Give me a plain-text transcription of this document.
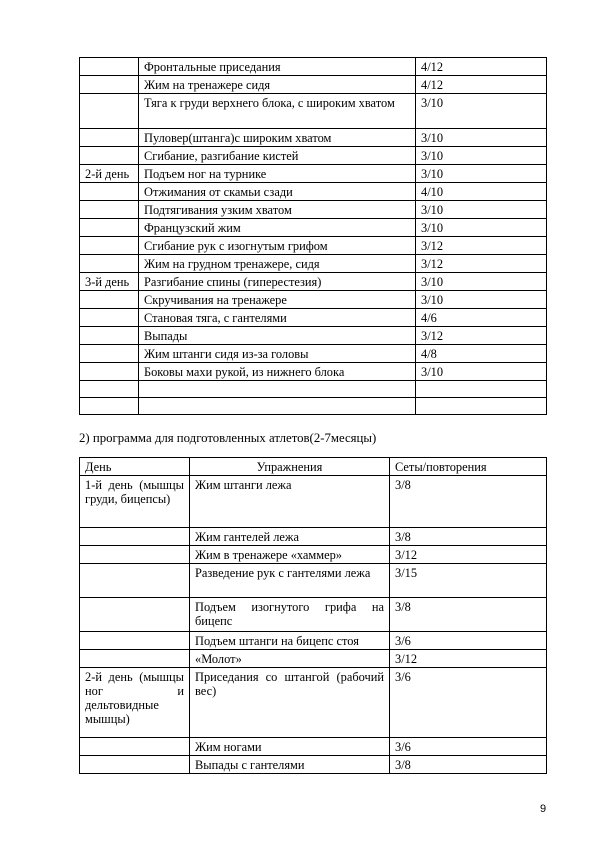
	Фронтальные приседания	4/12
	Жим на тренажере сидя	4/12
	Тяга к груди верхнего блока, с широким хватом	3/10
	Пуловер(штанга)с широким хватом	3/10
	Сгибание, разгибание кистей	3/10
2-й день	Подъем ног на турнике	3/10
	Отжимания от скамьи сзади	4/10
	Подтягивания узким хватом	3/10
	Французский жим	3/10
	Сгибание рук с изогнутым грифом	3/12
	Жим на грудном тренажере, сидя	3/12
3-й день	Разгибание спины (гиперестезия)	3/10
	Скручивания на тренажере	3/10
	Становая тяга, с гантелями	4/6
	Выпады	3/12
	Жим штанги сидя из-за головы	4/8
	Боковы махи рукой, из нижнего блока	3/10

2) программа для подготовленных атлетов(2-7месяцы)
День	Упражнения	Сеты/повторения
1-й день (мышцы груди, бицепсы)	Жим штанги лежа	3/8
	Жим гантелей лежа	3/8
	Жим в тренажере «хаммер»	3/12
	Разведение рук с гантелями лежа	3/15
	Подъем изогнутого грифа на бицепс	3/8
	Подъем штанги на бицепс стоя	3/6
	«Молот»	3/12
2-й день (мышцы ног и дельтовидные мышцы)	Приседания со штангой (рабочий вес)	3/6
	Жим ногами	3/6
	Выпады с гантелями	3/8
9
